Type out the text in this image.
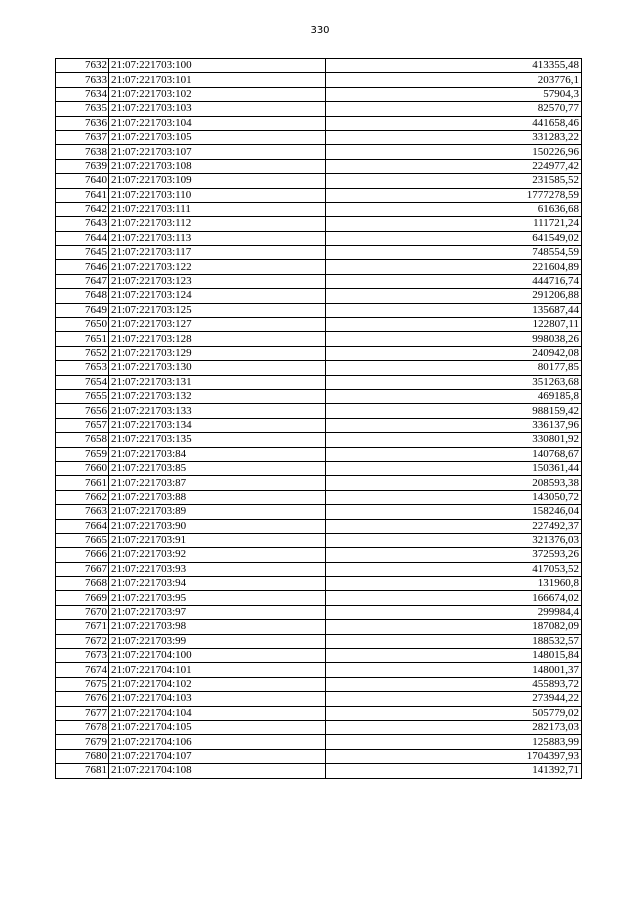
330
7632	21:07:221703:100	413355,48
7633	21:07:221703:101	203776,1
7634	21:07:221703:102	57904,3
7635	21:07:221703:103	82570,77
7636	21:07:221703:104	441658,46
7637	21:07:221703:105	331283,22
7638	21:07:221703:107	150226,96
7639	21:07:221703:108	224977,42
7640	21:07:221703:109	231585,52
7641	21:07:221703:110	1777278,59
7642	21:07:221703:111	61636,68
7643	21:07:221703:112	111721,24
7644	21:07:221703:113	641549,02
7645	21:07:221703:117	748554,59
7646	21:07:221703:122	221604,89
7647	21:07:221703:123	444716,74
7648	21:07:221703:124	291206,88
7649	21:07:221703:125	135687,44
7650	21:07:221703:127	122807,11
7651	21:07:221703:128	998038,26
7652	21:07:221703:129	240942,08
7653	21:07:221703:130	80177,85
7654	21:07:221703:131	351263,68
7655	21:07:221703:132	469185,8
7656	21:07:221703:133	988159,42
7657	21:07:221703:134	336137,96
7658	21:07:221703:135	330801,92
7659	21:07:221703:84	140768,67
7660	21:07:221703:85	150361,44
7661	21:07:221703:87	208593,38
7662	21:07:221703:88	143050,72
7663	21:07:221703:89	158246,04
7664	21:07:221703:90	227492,37
7665	21:07:221703:91	321376,03
7666	21:07:221703:92	372593,26
7667	21:07:221703:93	417053,52
7668	21:07:221703:94	131960,8
7669	21:07:221703:95	166674,02
7670	21:07:221703:97	299984,4
7671	21:07:221703:98	187082,09
7672	21:07:221703:99	188532,57
7673	21:07:221704:100	148015,84
7674	21:07:221704:101	148001,37
7675	21:07:221704:102	455893,72
7676	21:07:221704:103	273944,22
7677	21:07:221704:104	505779,02
7678	21:07:221704:105	282173,03
7679	21:07:221704:106	125883,99
7680	21:07:221704:107	1704397,93
7681	21:07:221704:108	141392,71
